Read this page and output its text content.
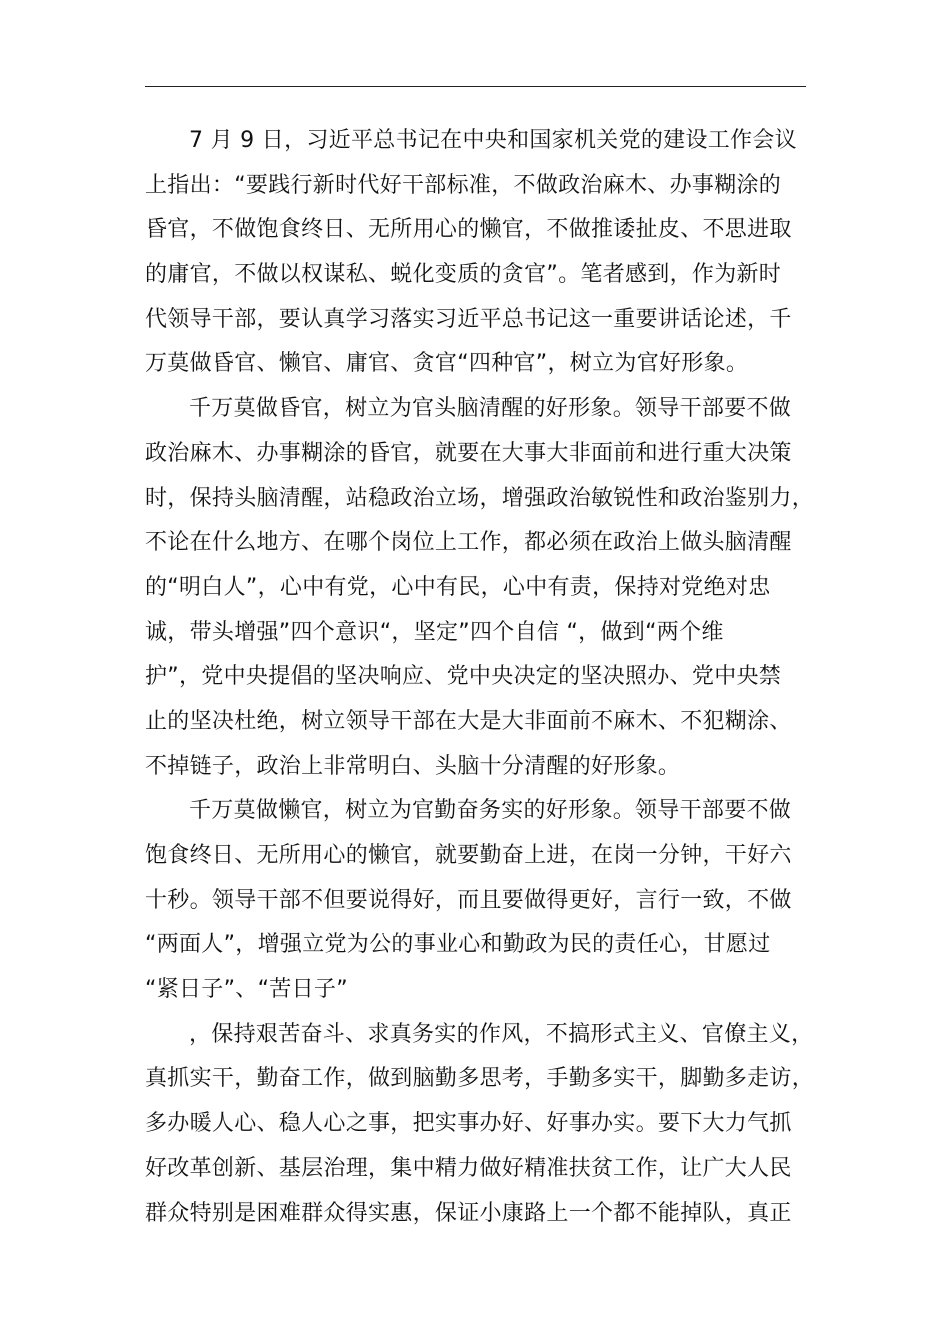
7 月 9 日，习近平总书记在中央和国家机关党的建设工作会议
上指出：“要践行新时代好干部标准，不做政治麻木、办事糊涂的
昏官，不做饱食终日、无所用心的懒官，不做推诿扯皮、不思进取
的庸官，不做以权谋私、蜕化变质的贪官”。笔者感到，作为新时
代领导干部，要认真学习落实习近平总书记这一重要讲话论述，千
万莫做昏官、懒官、庸官、贪官“四种官”，树立为官好形象。
千万莫做昏官，树立为官头脑清醒的好形象。领导干部要不做
政治麻木、办事糊涂的昏官，就要在大事大非面前和进行重大决策
时，保持头脑清醒，站稳政治立场，增强政治敏锐性和政治鉴别力，
不论在什么地方、在哪个岗位上工作，都必须在政治上做头脑清醒
的“明白人”，心中有党，心中有民，心中有责，保持对党绝对忠
诚，带头增强”四个意识“，坚定”四个自信 “，做到“两个维
护”，党中央提倡的坚决响应、党中央决定的坚决照办、党中央禁
止的坚决杜绝，树立领导干部在大是大非面前不麻木、不犯糊涂、
不掉链子，政治上非常明白、头脑十分清醒的好形象。
千万莫做懒官，树立为官勤奋务实的好形象。领导干部要不做
饱食终日、无所用心的懒官，就要勤奋上进，在岗一分钟，干好六
十秒。领导干部不但要说得好，而且要做得更好，言行一致，不做
“两面人”，增强立党为公的事业心和勤政为民的责任心，甘愿过
“紧日子”、“苦日子”
，保持艰苦奋斗、求真务实的作风，不搞形式主义、官僚主义，
真抓实干，勤奋工作，做到脑勤多思考，手勤多实干，脚勤多走访，
多办暖人心、稳人心之事，把实事办好、好事办实。要下大力气抓
好改革创新、基层治理，集中精力做好精准扶贫工作，让广大人民
群众特别是困难群众得实惠，保证小康路上一个都不能掉队，真正
